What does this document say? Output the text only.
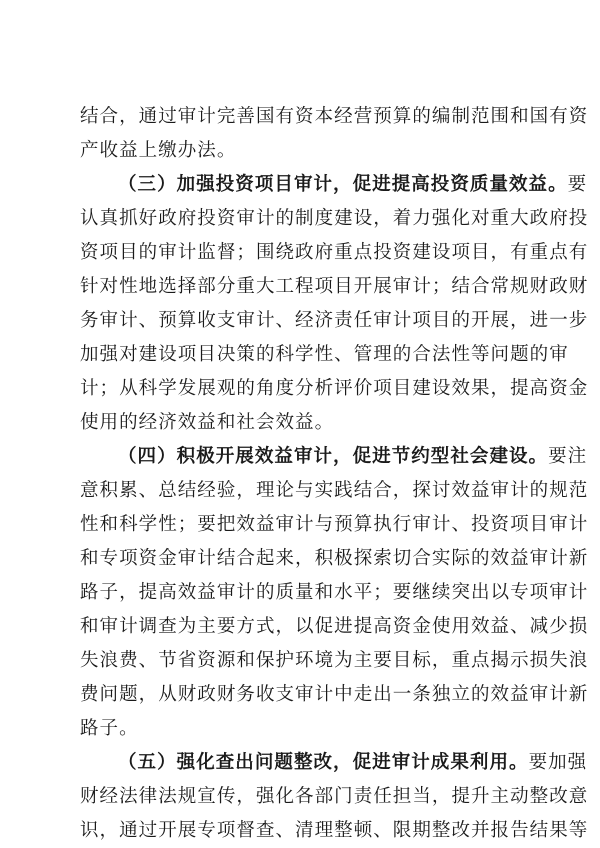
结合，通过审计完善国有资本经营预算的编制范围和国有资
产收益上缴办法。
（三）加强投资项目审计，促进提高投资质量效益。要
认真抓好政府投资审计的制度建设，着力强化对重大政府投
资项目的审计监督；围绕政府重点投资建设项目，有重点有
针对性地选择部分重大工程项目开展审计；结合常规财政财
务审计、预算收支审计、经济责任审计项目的开展，进一步
加强对建设项目决策的科学性、管理的合法性等问题的审
计；从科学发展观的角度分析评价项目建设效果，提高资金
使用的经济效益和社会效益。
（四）积极开展效益审计，促进节约型社会建设。要注
意积累、总结经验，理论与实践结合，探讨效益审计的规范
性和科学性；要把效益审计与预算执行审计、投资项目审计
和专项资金审计结合起来，积极探索切合实际的效益审计新
路子，提高效益审计的质量和水平；要继续突出以专项审计
和审计调查为主要方式，以促进提高资金使用效益、减少损
失浪费、节省资源和保护环境为主要目标，重点揭示损失浪
费问题，从财政财务收支审计中走出一条独立的效益审计新
路子。
（五）强化查出问题整改，促进审计成果利用。要加强
财经法律法规宣传，强化各部门责任担当，提升主动整改意
识，通过开展专项督查、清理整顿、限期整改并报告结果等
